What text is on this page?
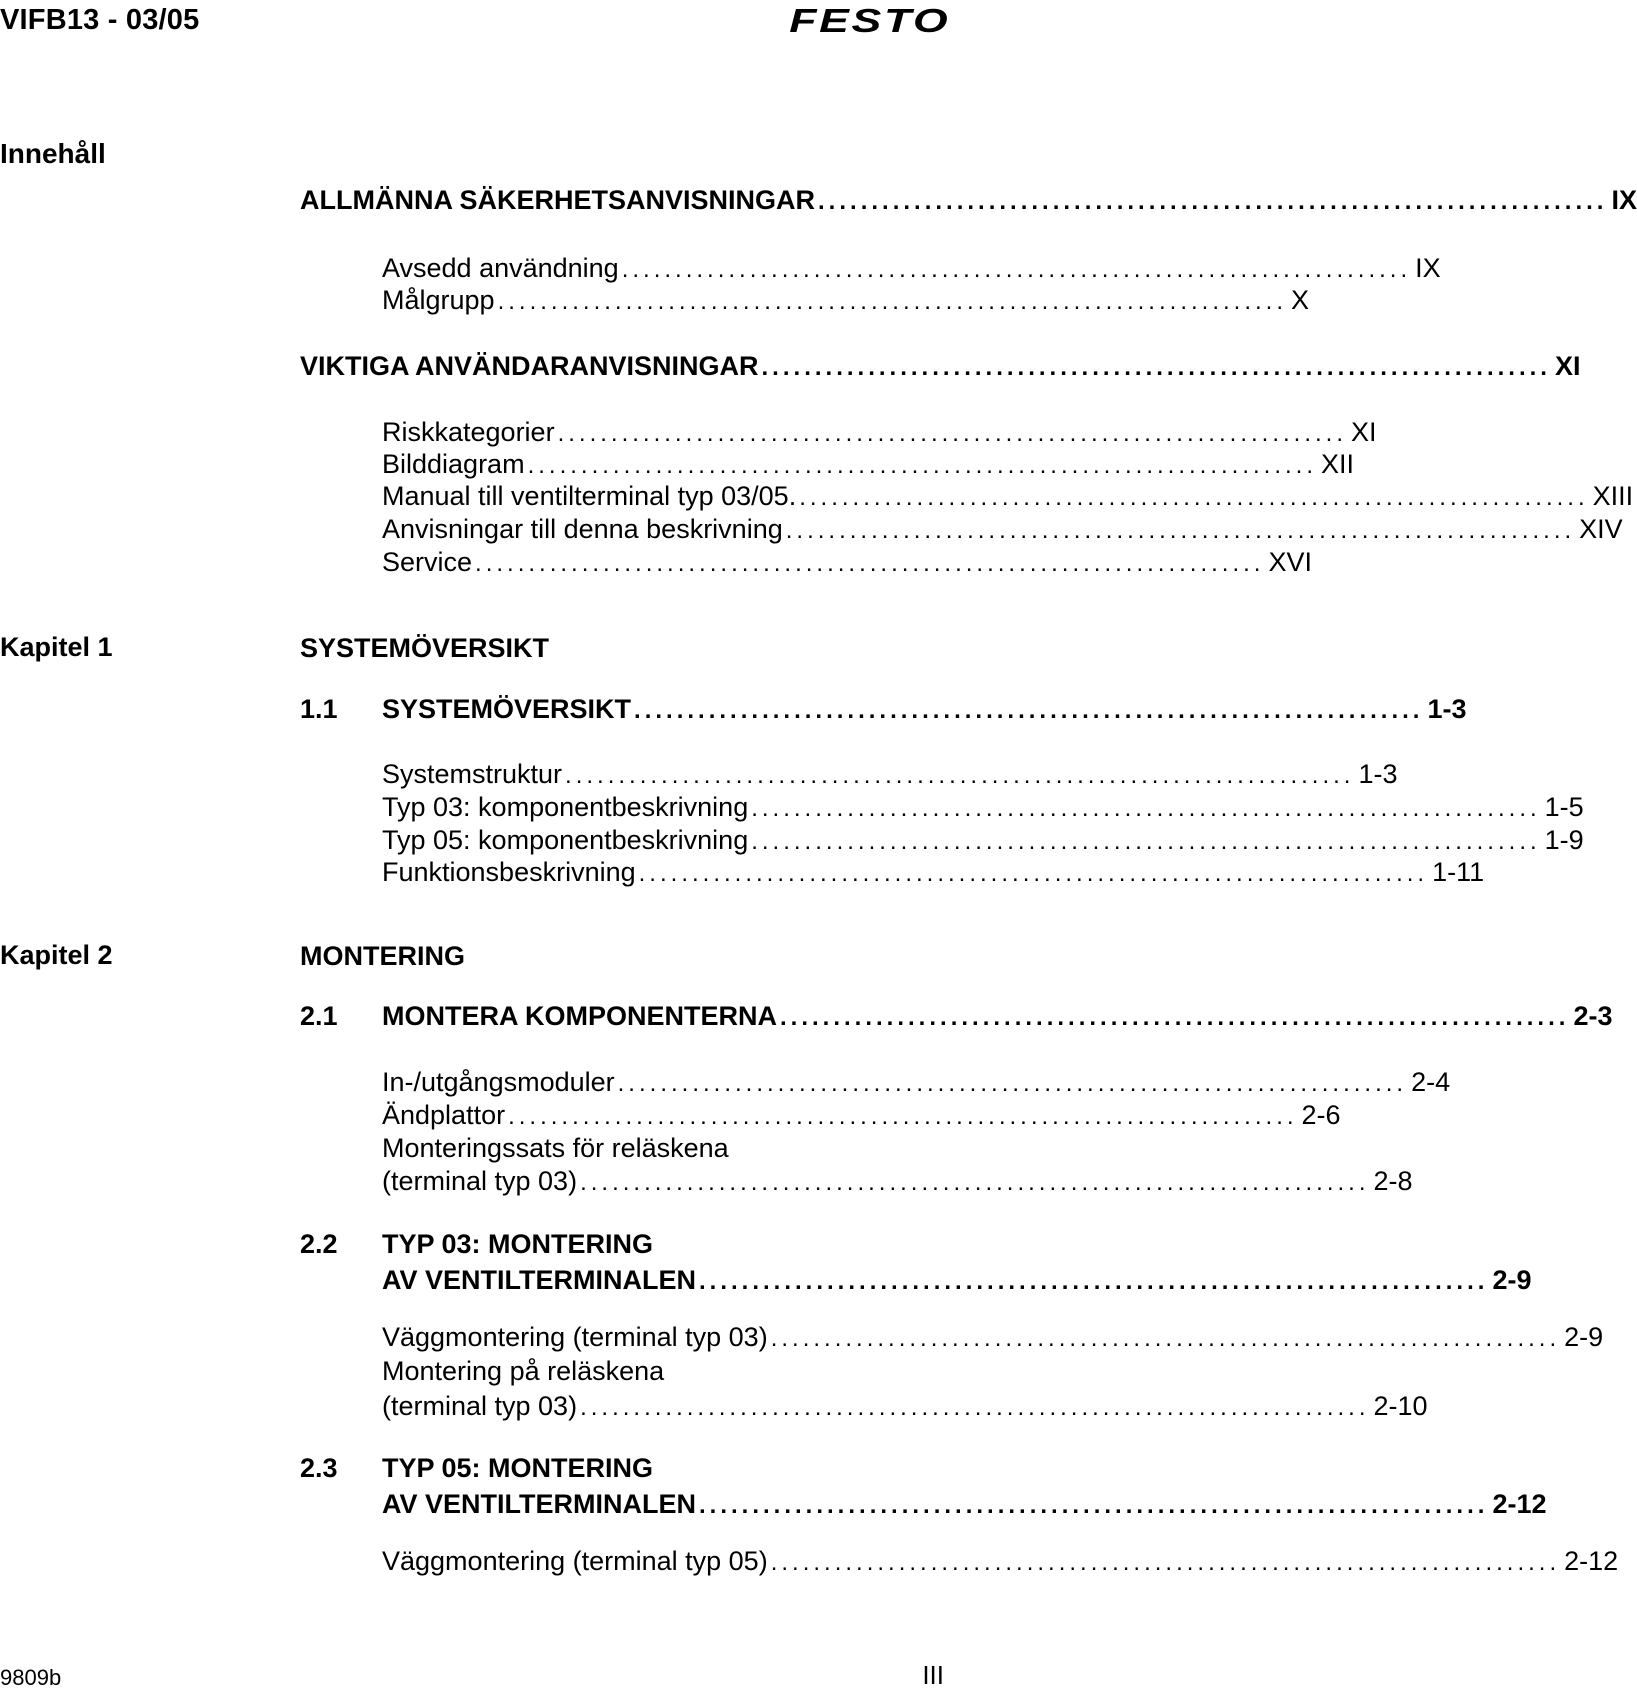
VIFB13 - 03/05	FESTO
Innehåll
ALLMÄNNA SÄKERHETSANVISNINGAR .......................................................................... IX
Avsedd användning .......................................................................... IX
Målgrupp .......................................................................... X
VIKTIGA ANVÄNDARANVISNINGAR .......................................................................... XI
Riskkategorier .......................................................................... XI
Bilddiagram .......................................................................... XII
Manual till ventilterminal typ 03/05. .......................................................................... XIII
Anvisningar till denna beskrivning .......................................................................... XIV
Service .......................................................................... XVI
Kapitel 1	SYSTEMÖVERSIKT
1.1 SYSTEMÖVERSIKT .......................................................................... 1-3
Systemstruktur .......................................................................... 1-3
Typ 03: komponentbeskrivning .......................................................................... 1-5
Typ 05: komponentbeskrivning .......................................................................... 1-9
Funktionsbeskrivning .......................................................................... 1-11
Kapitel 2	MONTERING
2.1 MONTERA KOMPONENTERNA .......................................................................... 2-3
In-/utgångsmoduler .......................................................................... 2-4
Ändplattor .......................................................................... 2-6
Monteringssats för reläskena
(terminal typ 03) .......................................................................... 2-8
2.2 TYP 03: MONTERING
AV VENTILTERMINALEN .......................................................................... 2-9
Väggmontering (terminal typ 03) .......................................................................... 2-9
Montering på reläskena
(terminal typ 03) .......................................................................... 2-10
2.3 TYP 05: MONTERING
AV VENTILTERMINALEN .......................................................................... 2-12
Väggmontering (terminal typ 05) .......................................................................... 2-12
9809b	III
